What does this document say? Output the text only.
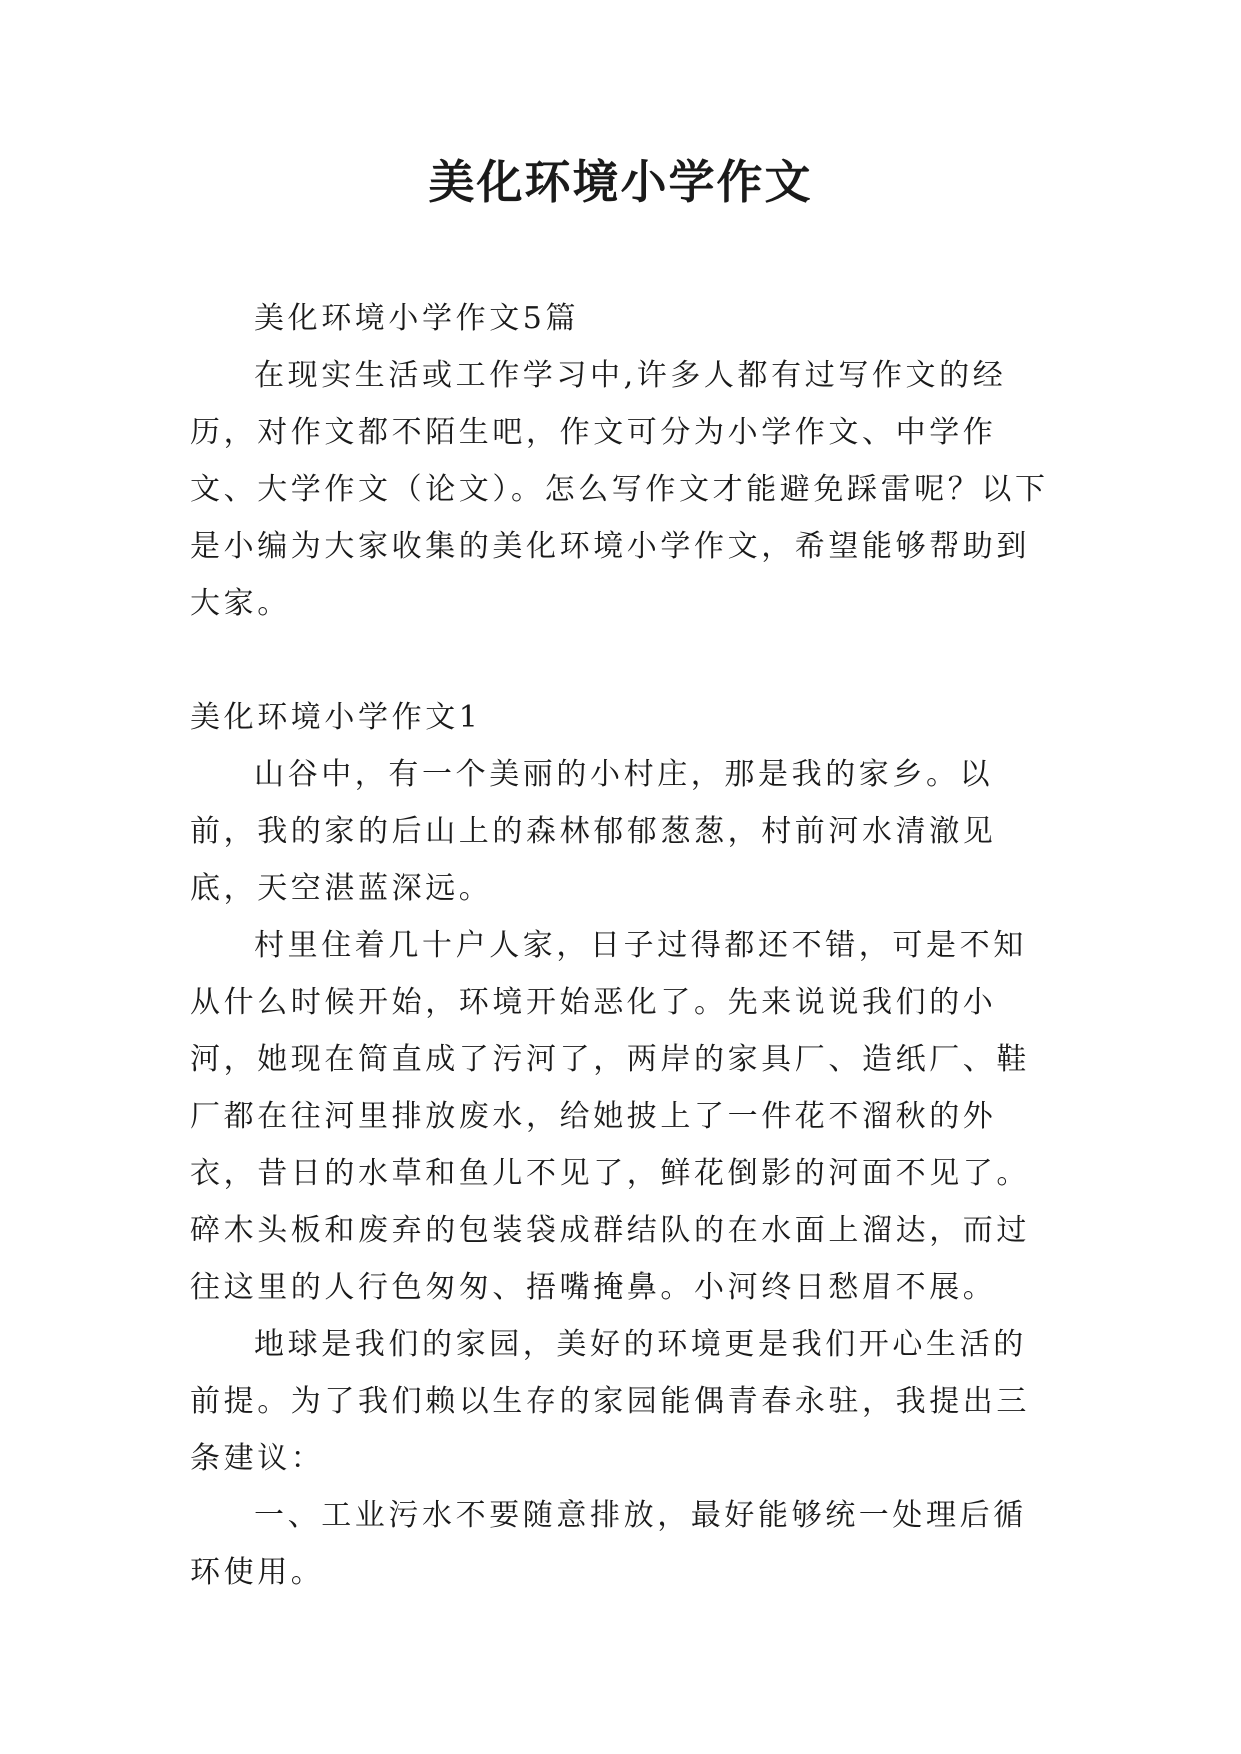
美化环境小学作文

美化环境小学作文5篇

在现实生活或工作学习中,许多人都有过写作文的经历，对作文都不陌生吧，作文可分为小学作文、中学作文、大学作文（论文）。怎么写作文才能避免踩雷呢？以下是小编为大家收集的美化环境小学作文，希望能够帮助到大家。

美化环境小学作文1

山谷中，有一个美丽的小村庄，那是我的家乡。以前，我的家的后山上的森林郁郁葱葱，村前河水清澈见底，天空湛蓝深远。

村里住着几十户人家，日子过得都还不错，可是不知从什么时候开始，环境开始恶化了。先来说说我们的小河，她现在简直成了污河了，两岸的家具厂、造纸厂、鞋厂都在往河里排放废水，给她披上了一件花不溜秋的外衣，昔日的水草和鱼儿不见了，鲜花倒影的河面不见了。碎木头板和废弃的包装袋成群结队的在水面上溜达，而过往这里的人行色匆匆、捂嘴掩鼻。小河终日愁眉不展。

地球是我们的家园，美好的环境更是我们开心生活的前提。为了我们赖以生存的家园能偶青春永驻，我提出三条建议：

一、工业污水不要随意排放，最好能够统一处理后循环使用。
